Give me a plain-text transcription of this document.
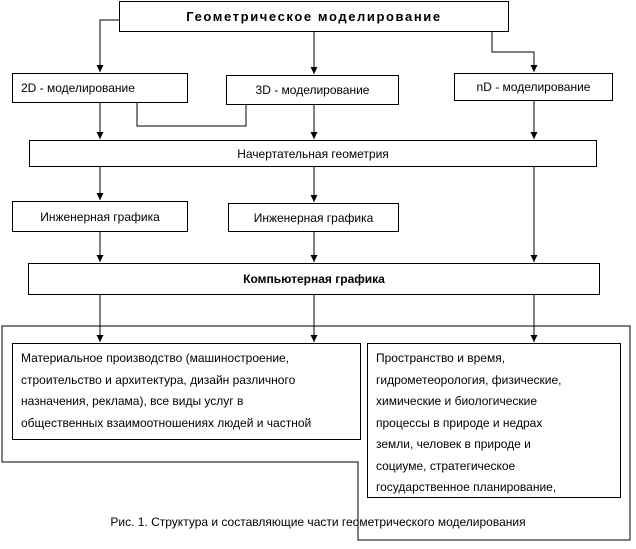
Геометрическое моделирование
2D - моделирование	3D - моделирование	nD - моделирование
Начертательная геометрия
Инженерная графика	Инженерная графика
Компьютерная графика
Материальное производство (машиностроение,
строительство и архитектура, дизайн различного
назначения, реклама), все виды услуг в
общественных взаимоотношениях людей и частной
Пространство и время,
гидрометеорология, физические,
химические и биологические
процессы в природе и недрах
земли, человек в природе и
социуме, стратегическое
государственное планирование,
Рис. 1. Структура и составляющие части геометрического моделирования
